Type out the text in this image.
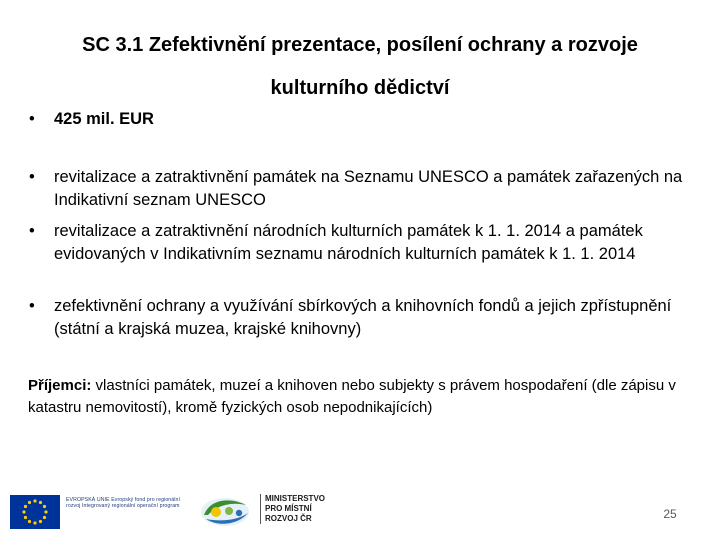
SC 3.1 Zefektivnění prezentace, posílení ochrany a rozvoje
kulturního dědictví
•	425 mil. EUR
•	revitalizace a zatraktivnění památek na Seznamu UNESCO a památek zařazených na Indikativní seznam UNESCO
•	revitalizace a zatraktivnění národních kulturních památek k 1. 1. 2014 a památek evidovaných v Indikativním seznamu národních kulturních památek k 1. 1. 2014
•	zefektivnění ochrany a využívání sbírkových a knihovních fondů a jejich zpřístupnění (státní a krajská muzea, krajské knihovny)
Příjemci: vlastníci památek, muzeí a knihoven nebo subjekty s právem hospodaření (dle zápisu v katastru nemovitostí), kromě fyzických osob nepodnikajících)
EVROPSKÁ UNIE Evropský fond pro regionální rozvoj Integrovaný regionální operační program
MINISTERSTVO
PRO MÍSTNÍ
ROZVOJ ČR	25
